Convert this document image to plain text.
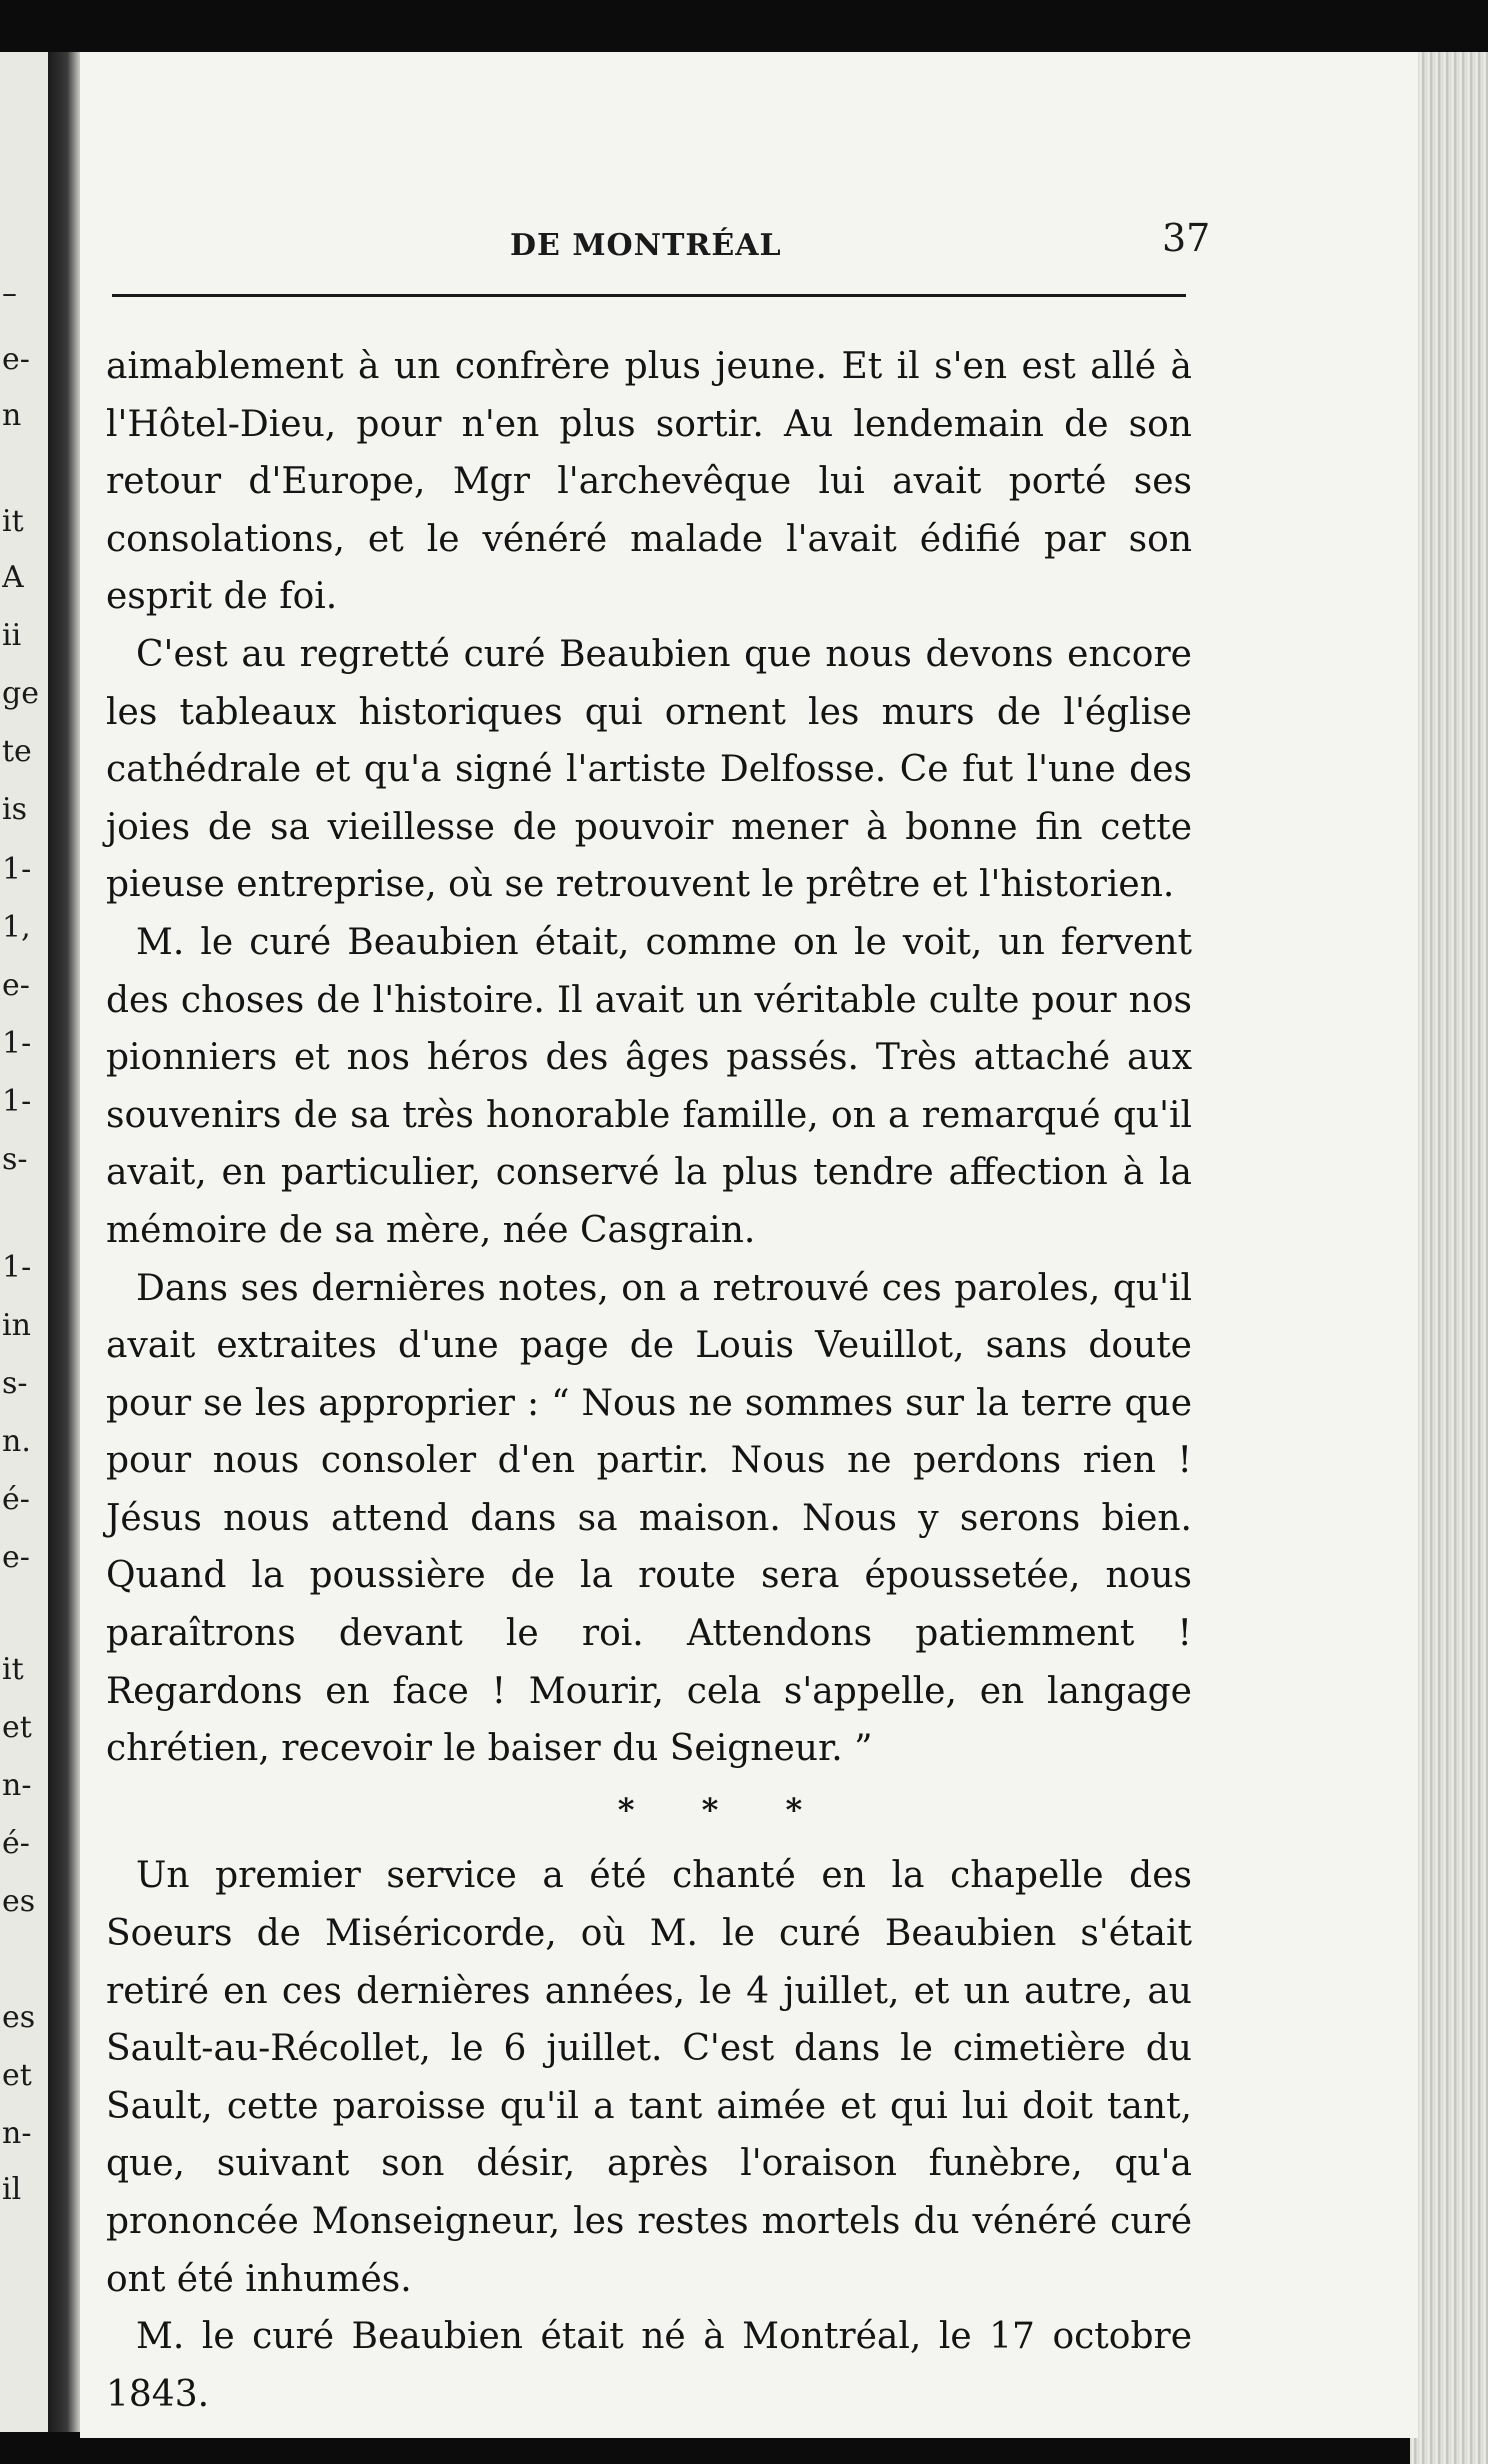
–
e-
n
it
A
ii
ge
te
is
1-
1,
e-
1-
1-
s-
1-
in
s-
n.
é-
e-
it
et
n-
é-
es
es
et
n-
il
DE MONTRÉAL	37

aimablement à un confrère plus jeune. Et il s'en est allé à l'Hôtel-Dieu, pour n'en plus sortir. Au lendemain de son retour d'Europe, Mgr l'archevêque lui avait porté ses consolations, et le vénéré malade l'avait édifié par son esprit de foi.

C'est au regretté curé Beaubien que nous devons encore les tableaux historiques qui ornent les murs de l'église cathédrale et qu'a signé l'artiste Delfosse. Ce fut l'une des joies de sa vieillesse de pouvoir mener à bonne fin cette pieuse entreprise, où se retrouvent le prêtre et l'historien.

M. le curé Beaubien était, comme on le voit, un fervent des choses de l'histoire. Il avait un véritable culte pour nos pionniers et nos héros des âges passés. Très attaché aux souvenirs de sa très honorable famille, on a remarqué qu'il avait, en particulier, conservé la plus tendre affection à la mémoire de sa mère, née Casgrain.

Dans ses dernières notes, on a retrouvé ces paroles, qu'il avait extraites d'une page de Louis Veuillot, sans doute pour se les approprier : “ Nous ne sommes sur la terre que pour nous consoler d'en partir. Nous ne perdons rien ! Jésus nous attend dans sa maison. Nous y serons bien. Quand la poussière de la route sera époussetée, nous paraîtrons devant le roi. Attendons patiemment ! Regardons en face ! Mourir, cela s'appelle, en langage chrétien, recevoir le baiser du Seigneur. ”

* * *

Un premier service a été chanté en la chapelle des Soeurs de Miséricorde, où M. le curé Beaubien s'était retiré en ces dernières années, le 4 juillet, et un autre, au Sault-au-Récollet, le 6 juillet. C'est dans le cimetière du Sault, cette paroisse qu'il a tant aimée et qui lui doit tant, que, suivant son désir, après l'oraison funèbre, qu'a prononcée Monseigneur, les restes mortels du vénéré curé ont été inhumés.

M. le curé Beaubien était né à Montréal, le 17 octobre 1843.
